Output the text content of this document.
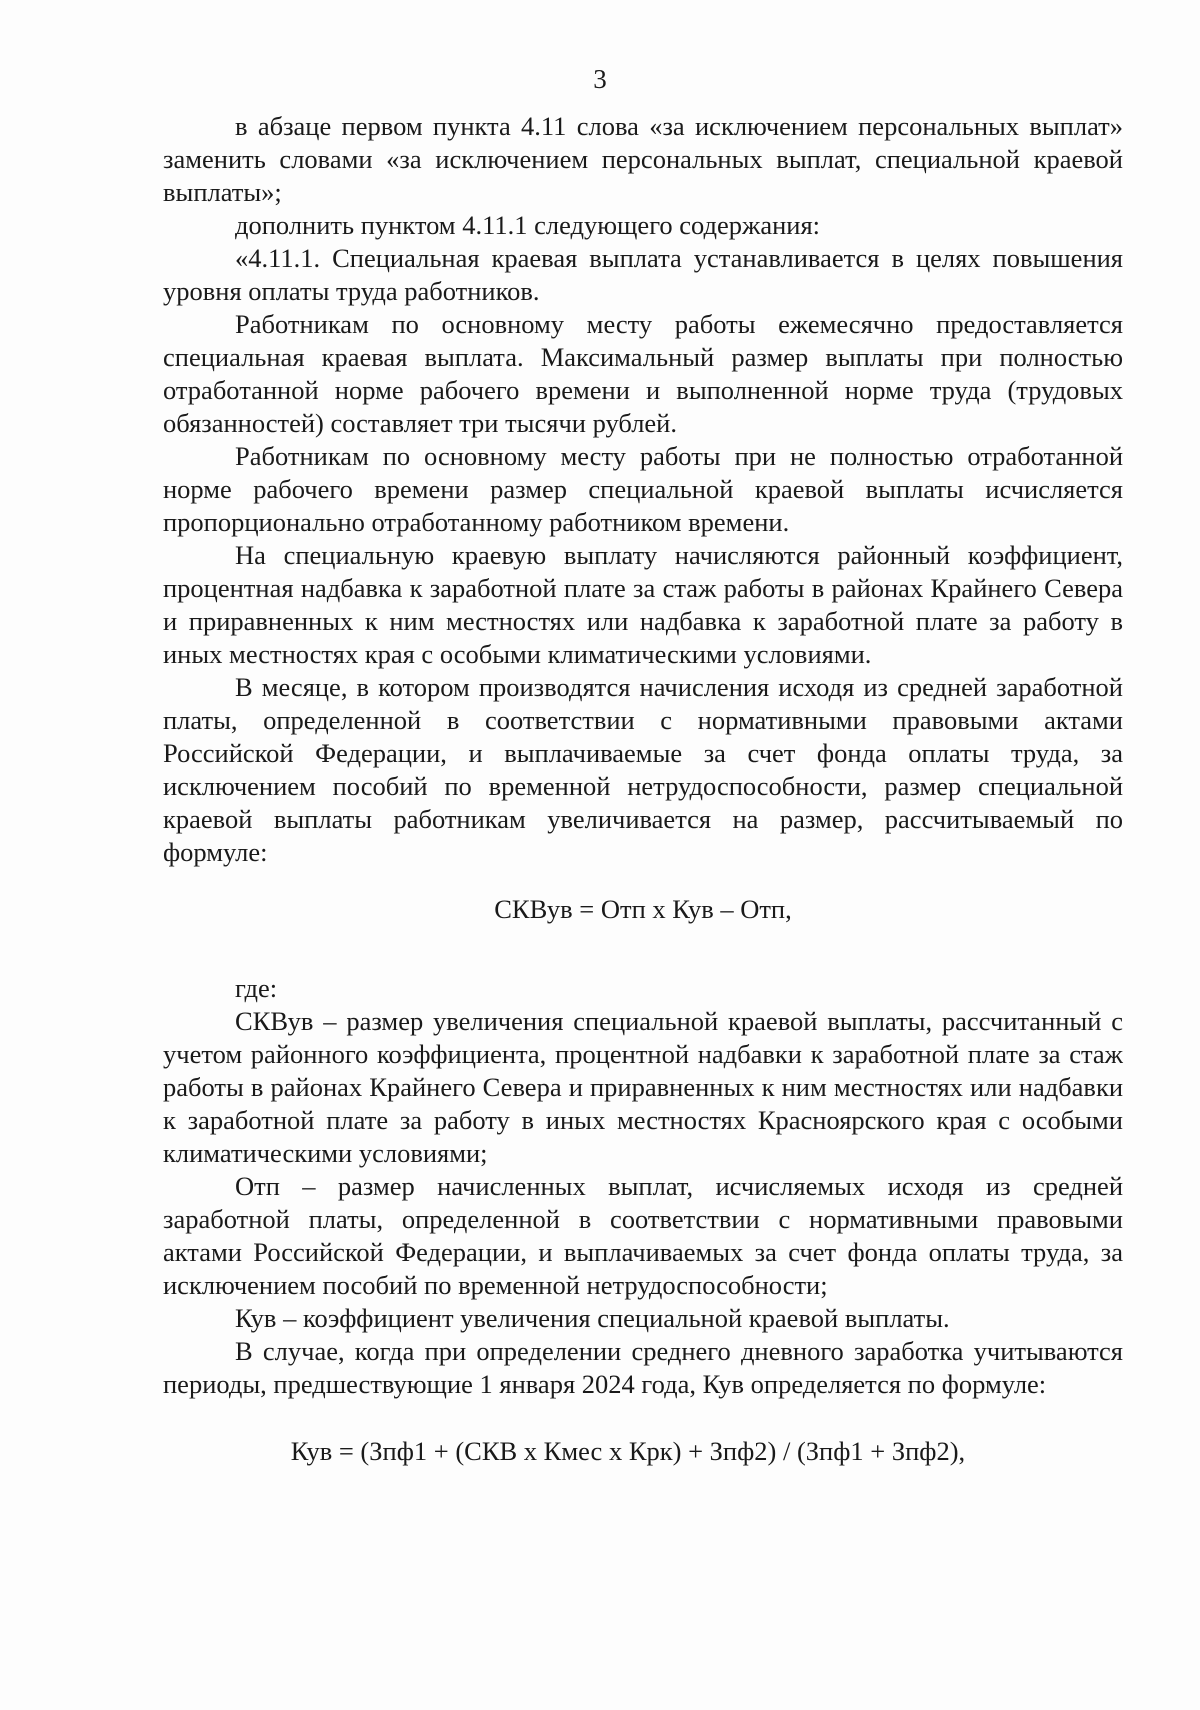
3

в абзаце первом пункта 4.11 слова «за исключением персональных выплат» заменить словами «за исключением персональных выплат, специальной краевой выплаты»;

дополнить пунктом 4.11.1 следующего содержания:

«4.11.1. Специальная краевая выплата устанавливается в целях повышения уровня оплаты труда работников.

Работникам по основному месту работы ежемесячно предоставляется специальная краевая выплата. Максимальный размер выплаты при полностью отработанной норме рабочего времени и выполненной норме труда (трудовых обязанностей) составляет три тысячи рублей.

Работникам по основному месту работы при не полностью отработанной норме рабочего времени размер специальной краевой выплаты исчисляется пропорционально отработанному работником времени.

На специальную краевую выплату начисляются районный коэффициент, процентная надбавка к заработной плате за стаж работы в районах Крайнего Севера и приравненных к ним местностях или надбавка к заработной плате за работу в иных местностях края с особыми климатическими условиями.

В месяце, в котором производятся начисления исходя из средней заработной платы, определенной в соответствии с нормативными правовыми актами Российской Федерации, и выплачиваемые за счет фонда оплаты труда, за исключением пособий по временной нетрудоспособности, размер специальной краевой выплаты работникам увеличивается на размер, рассчитываемый по формуле:

СКВув = Отп х Кув – Отп,

где:

СКВув – размер увеличения специальной краевой выплаты, рассчитанный с учетом районного коэффициента, процентной надбавки к заработной плате за стаж работы в районах Крайнего Севера и приравненных к ним местностях или надбавки к заработной плате за работу в иных местностях Красноярского края с особыми климатическими условиями;

Отп – размер начисленных выплат, исчисляемых исходя из средней заработной платы, определенной в соответствии с нормативными правовыми актами Российской Федерации, и выплачиваемых за счет фонда оплаты труда, за исключением пособий по временной нетрудоспособности;

Кув – коэффициент увеличения специальной краевой выплаты.

В случае, когда при определении среднего дневного заработка учитываются периоды, предшествующие 1 января 2024 года, Кув определяется по формуле:

Кув = (Зпф1 + (СКВ х Кмес х Крк) + Зпф2) / (Зпф1 + Зпф2),
